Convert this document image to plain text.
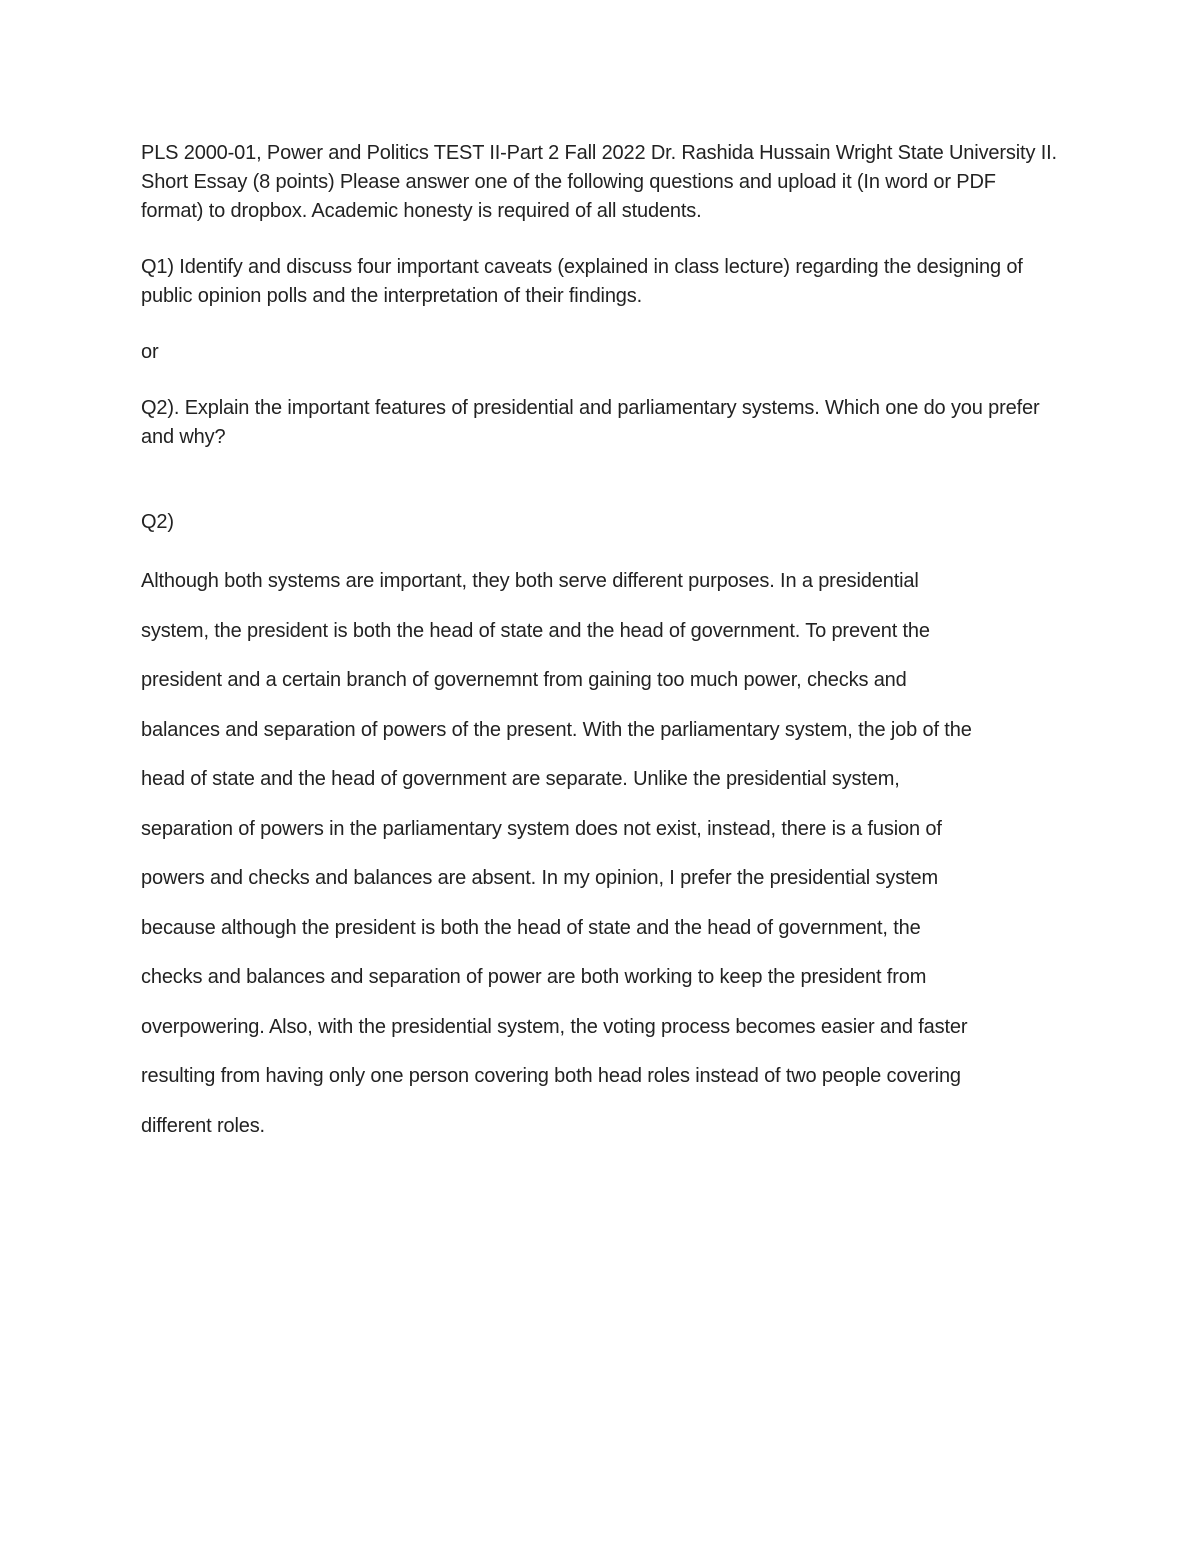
PLS 2000-01, Power and Politics TEST II-Part 2 Fall 2022 Dr. Rashida Hussain Wright State University II. Short Essay (8 points) Please answer one of the following questions and upload it (In word or PDF format) to dropbox. Academic honesty is required of all students.

Q1) Identify and discuss four important caveats (explained in class lecture) regarding the designing of public opinion polls and the interpretation of their findings.

or

Q2). Explain the important features of presidential and parliamentary systems. Which one do you prefer and why?

Q2)

Although both systems are important, they both serve different purposes. In a presidential
system, the president is both the head of state and the head of government. To prevent the
president and a certain branch of governemnt from gaining too much power, checks and
balances and separation of powers of the present. With the parliamentary system, the job of the
head of state and the head of government are separate. Unlike the presidential system,
separation of powers in the parliamentary system does not exist, instead, there is a fusion of
powers and checks and balances are absent. In my opinion, I prefer the presidential system
because although the president is both the head of state and the head of government, the
checks and balances and separation of power are both working to keep the president from
overpowering. Also, with the presidential system, the voting process becomes easier and faster
resulting from having only one person covering both head roles instead of two people covering
different roles.
